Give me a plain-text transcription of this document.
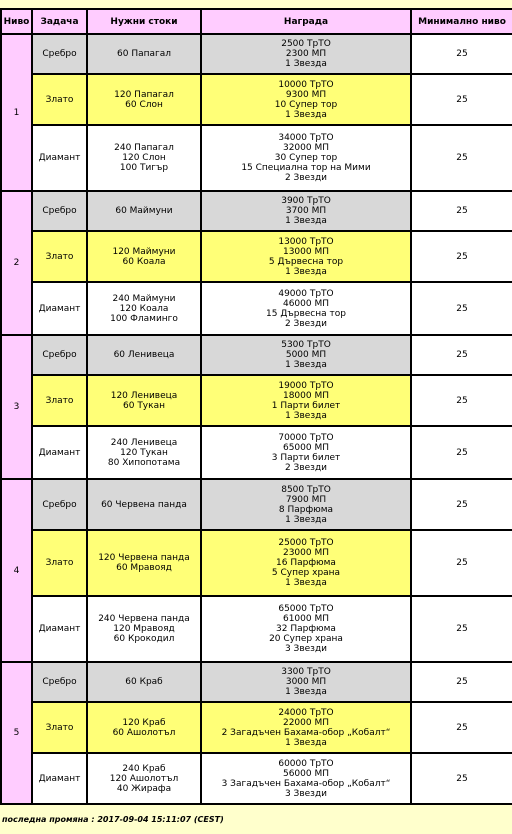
Ниво	Задача	Нужни стоки	Награда	Минимално ниво
1	Сребро	60 Папагал	2500 ТрТО
2300 МП
1 Звезда	25
	Злато	120 Папагал
60 Слон	10000 ТрТО
9300 МП
10 Супер тор
1 Звезда	25
	Диамант	240 Папагал
120 Слон
100 Тигър	34000 ТрТО
32000 МП
30 Супер тор
15 Специална тор на Мими
2 Звезди	25
2	Сребро	60 Маймуни	3900 ТрТО
3700 МП
1 Звезда	25
	Злато	120 Маймуни
60 Коала	13000 ТрТО
13000 МП
5 Дървесна тор
1 Звезда	25
	Диамант	240 Маймуни
120 Коала
100 Фламинго	49000 ТрТО
46000 МП
15 Дървесна тор
2 Звезди	25
3	Сребро	60 Ленивеца	5300 ТрТО
5000 МП
1 Звезда	25
	Злато	120 Ленивеца
60 Тукан	19000 ТрТО
18000 МП
1 Парти билет
1 Звезда	25
	Диамант	240 Ленивеца
120 Тукан
80 Хипопотама	70000 ТрТО
65000 МП
3 Парти билет
2 Звезди	25
4	Сребро	60 Червена панда	8500 ТрТО
7900 МП
8 Парфюма
1 Звезда	25
	Злато	120 Червена панда
60 Мравояд	25000 ТрТО
23000 МП
16 Парфюма
5 Супер храна
1 Звезда	25
	Диамант	240 Червена панда
120 Мравояд
60 Крокодил	65000 ТрТО
61000 МП
32 Парфюма
20 Супер храна
3 Звезди	25
5	Сребро	60 Краб	3300 ТрТО
3000 МП
1 Звезда	25
	Злато	120 Краб
60 Ашолотъл	24000 ТрТО
22000 МП
2 Загадъчен Бахама-обор „Кобалт“
1 Звезда	25
	Диамант	240 Краб
120 Ашолотъл
40 Жирафа	60000 ТрТО
56000 МП
3 Загадъчен Бахама-обор „Кобалт“
3 Звезди	25
последна промяна : 2017-09-04 15:11:07 (CEST)
